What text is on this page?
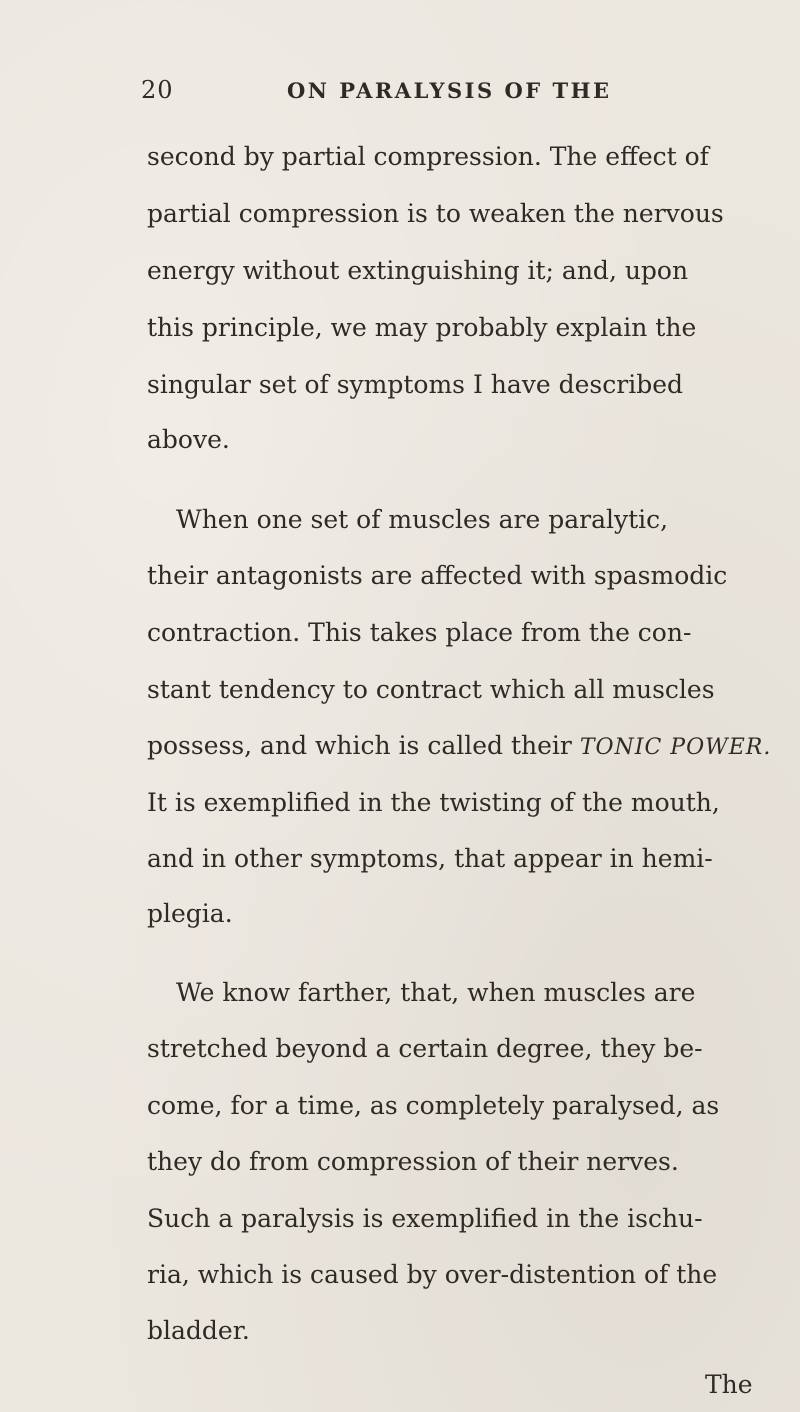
20	ON PARALYSIS OF THE
second by partial compression. The effect of
partial compression is to weaken the nervous
energy without extinguishing it; and, upon
this principle, we may probably explain the
singular set of symptoms I have described
above.
When one set of muscles are paralytic,
their antagonists are affected with spasmodic
contraction. This takes place from the con-
stant tendency to contract which all muscles
possess, and which is called their TONIC POWER.
It is exemplified in the twisting of the mouth,
and in other symptoms, that appear in hemi-
plegia.
We know farther, that, when muscles are
stretched beyond a certain degree, they be-
come, for a time, as completely paralysed, as
they do from compression of their nerves.
Such a paralysis is exemplified in the ischu-
ria, which is caused by over-distention of the
bladder.
The
